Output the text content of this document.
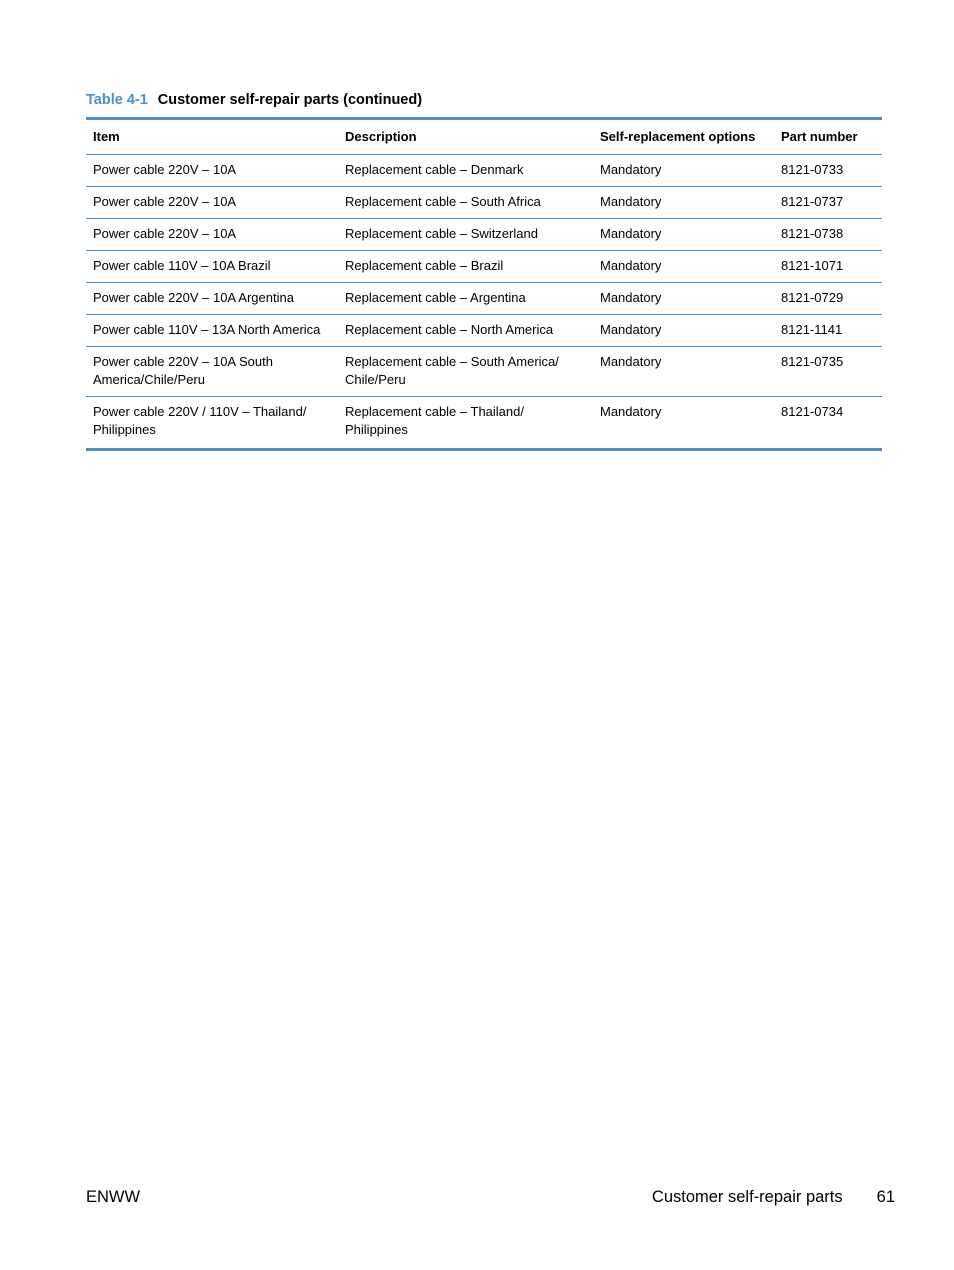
Table 4-1 Customer self-repair parts (continued)
Item	Description	Self-replacement options	Part number
Power cable 220V – 10A	Replacement cable – Denmark	Mandatory	8121-0733
Power cable 220V – 10A	Replacement cable – South Africa	Mandatory	8121-0737
Power cable 220V – 10A	Replacement cable – Switzerland	Mandatory	8121-0738
Power cable 110V – 10A Brazil	Replacement cable – Brazil	Mandatory	8121-1071
Power cable 220V – 10A Argentina	Replacement cable – Argentina	Mandatory	8121-0729
Power cable 110V – 13A North America	Replacement cable – North America	Mandatory	8121-1141
Power cable 220V – 10A South America/Chile/Peru	Replacement cable – South America/ Chile/Peru	Mandatory	8121-0735
Power cable 220V / 110V – Thailand/ Philippines	Replacement cable – Thailand/ Philippines	Mandatory	8121-0734
ENWW	Customer self-repair parts 61
